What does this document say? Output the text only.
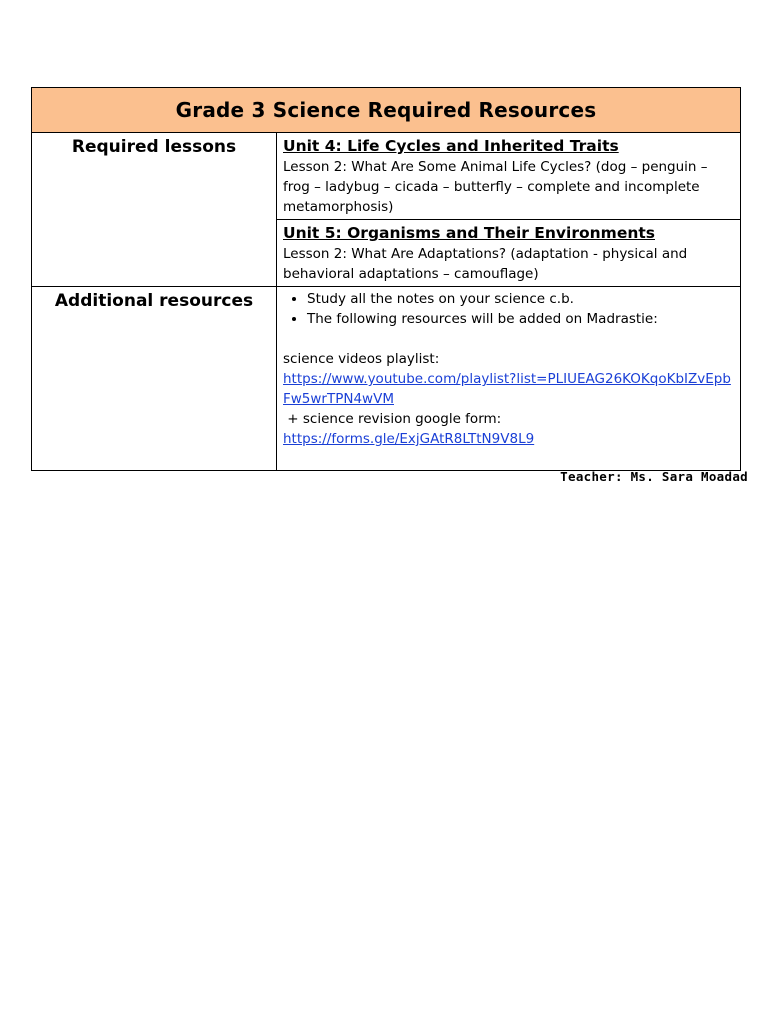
Grade 3 Science Required Resources
Required lessons	Unit 4: Life Cycles and Inherited Traits
Lesson 2: What Are Some Animal Life Cycles? (dog – penguin – frog – ladybug – cicada – butterfly – complete and incomplete metamorphosis)
Unit 5: Organisms and Their Environments
Lesson 2: What Are Adaptations? (adaptation - physical and behavioral adaptations – camouflage)
Additional resources
•	Study all the notes on your science c.b.
• The following resources will be added on Madrastie:
science videos playlist:
https://www.youtube.com/playlist?list=PLIUEAG26KOKqoKbIZvEpbFw5wrTPN4wVM
+ science revision google form:
https://forms.gle/ExjGAtR8LTtN9V8L9
Teacher: Ms. Sara Moadad
